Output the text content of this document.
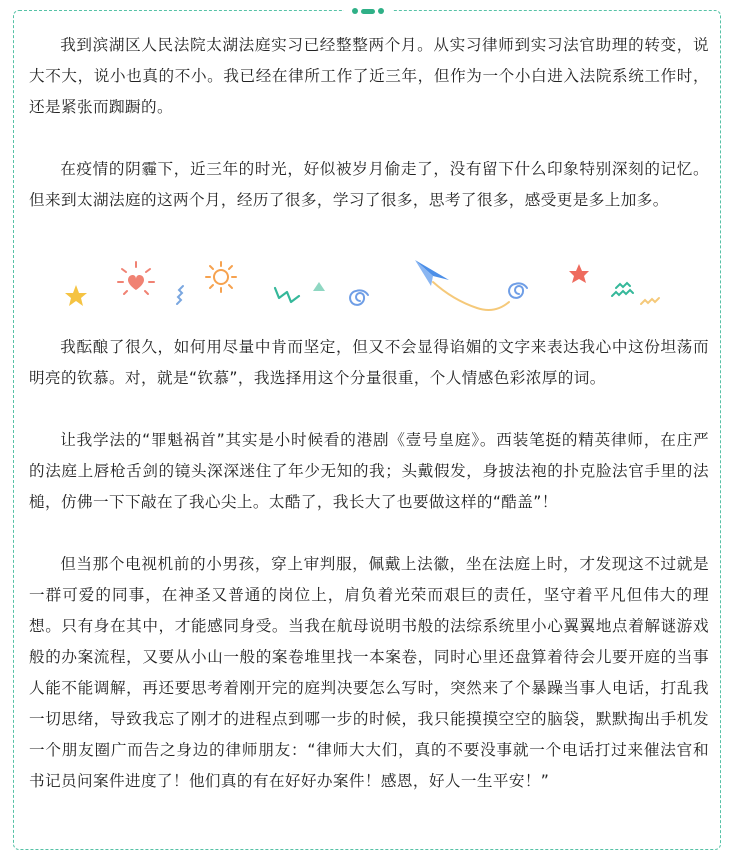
我到滨湖区人民法院太湖法庭实习已经整整两个月。从实习律师到实习法官助理的转变，说大不大，说小也真的不小。我已经在律所工作了近三年，但作为一个小白进入法院系统工作时，还是紧张而踟蹰的。

在疫情的阴霾下，近三年的时光，好似被岁月偷走了，没有留下什么印象特别深刻的记忆。但来到太湖法庭的这两个月，经历了很多，学习了很多，思考了很多，感受更是多上加多。

我酝酿了很久，如何用尽量中肯而坚定，但又不会显得谄媚的文字来表达我心中这份坦荡而明亮的钦慕。对，就是“钦慕”，我选择用这个分量很重，个人情感色彩浓厚的词。

让我学法的“罪魁祸首”其实是小时候看的港剧《壹号皇庭》。西装笔挺的精英律师，在庄严的法庭上唇枪舌剑的镜头深深迷住了年少无知的我；头戴假发，身披法袍的扑克脸法官手里的法槌，仿佛一下下敲在了我心尖上。太酷了，我长大了也要做这样的“酷盖”！

但当那个电视机前的小男孩，穿上审判服，佩戴上法徽，坐在法庭上时，才发现这不过就是一群可爱的同事，在神圣又普通的岗位上，肩负着光荣而艰巨的责任，坚守着平凡但伟大的理想。只有身在其中，才能感同身受。当我在航母说明书般的法综系统里小心翼翼地点着解谜游戏般的办案流程，又要从小山一般的案卷堆里找一本案卷，同时心里还盘算着待会儿要开庭的当事人能不能调解，再还要思考着刚开完的庭判决要怎么写时，突然来了个暴躁当事人电话，打乱我一切思绪，导致我忘了刚才的进程点到哪一步的时候，我只能摸摸空空的脑袋，默默掏出手机发一个朋友圈广而告之身边的律师朋友：“律师大大们，真的不要没事就一个电话打过来催法官和书记员问案件进度了！他们真的有在好好办案件！感恩，好人一生平安！”
